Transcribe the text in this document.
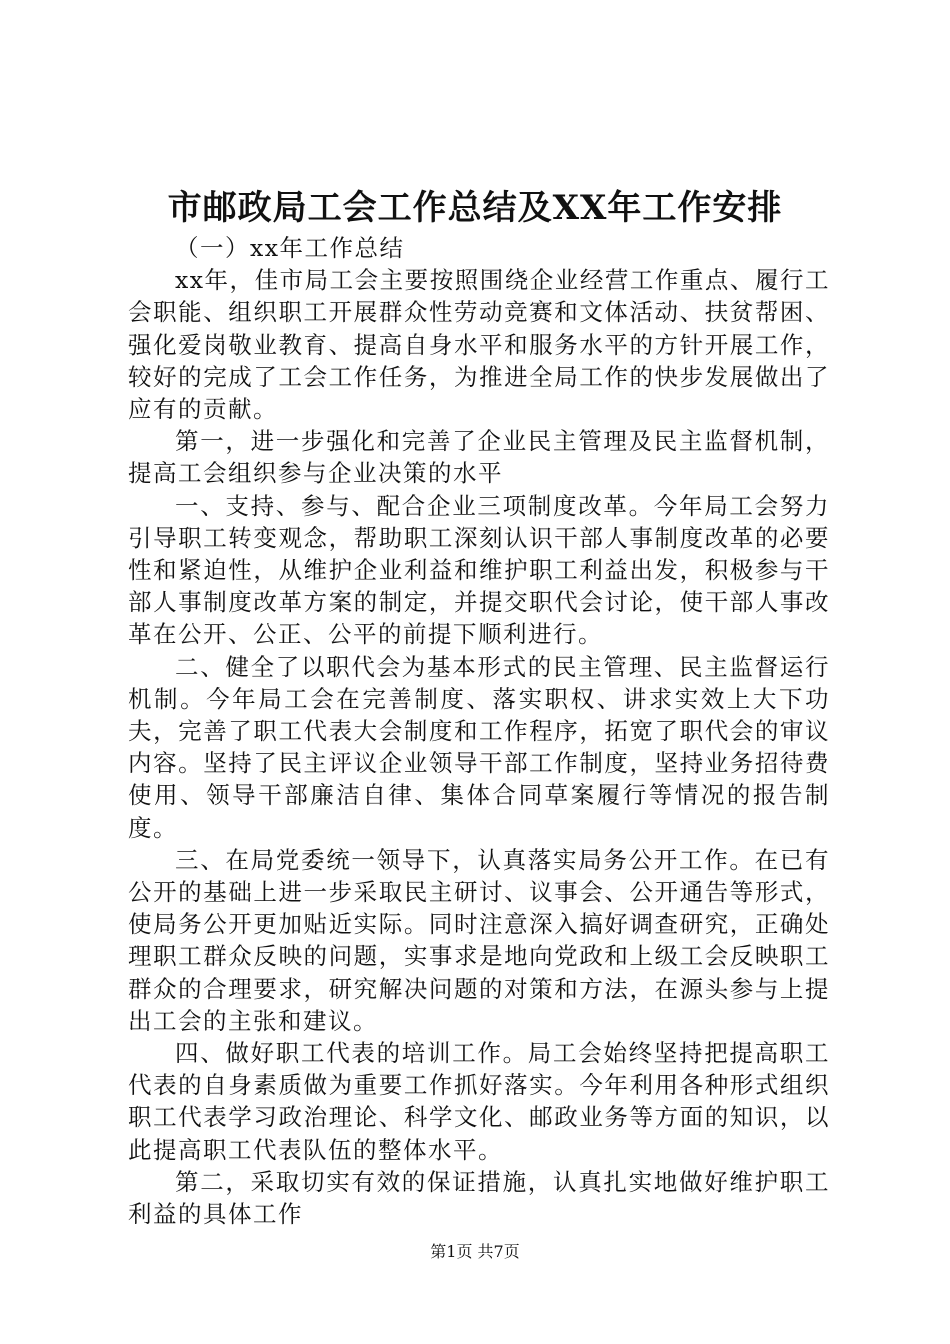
市邮政局工会工作总结及XX年工作安排

（一）xx年工作总结

xx年，佳市局工会主要按照围绕企业经营工作重点、履行工会职能、组织职工开展群众性劳动竞赛和文体活动、扶贫帮困、强化爱岗敬业教育、提高自身水平和服务水平的方针开展工作，较好的完成了工会工作任务，为推进全局工作的快步发展做出了应有的贡献。

第一，进一步强化和完善了企业民主管理及民主监督机制，提高工会组织参与企业决策的水平

一、支持、参与、配合企业三项制度改革。今年局工会努力引导职工转变观念，帮助职工深刻认识干部人事制度改革的必要性和紧迫性，从维护企业利益和维护职工利益出发，积极参与干部人事制度改革方案的制定，并提交职代会讨论，使干部人事改革在公开、公正、公平的前提下顺利进行。

二、健全了以职代会为基本形式的民主管理、民主监督运行机制。今年局工会在完善制度、落实职权、讲求实效上大下功夫，完善了职工代表大会制度和工作程序，拓宽了职代会的审议内容。坚持了民主评议企业领导干部工作制度，坚持业务招待费使用、领导干部廉洁自律、集体合同草案履行等情况的报告制度。

三、在局党委统一领导下，认真落实局务公开工作。在已有公开的基础上进一步采取民主研讨、议事会、公开通告等形式，使局务公开更加贴近实际。同时注意深入搞好调查研究，正确处理职工群众反映的问题，实事求是地向党政和上级工会反映职工群众的合理要求，研究解决问题的对策和方法，在源头参与上提出工会的主张和建议。

四、做好职工代表的培训工作。局工会始终坚持把提高职工代表的自身素质做为重要工作抓好落实。今年利用各种形式组织职工代表学习政治理论、科学文化、邮政业务等方面的知识，以此提高职工代表队伍的整体水平。

第二，采取切实有效的保证措施，认真扎实地做好维护职工利益的具体工作

第1页 共7页
